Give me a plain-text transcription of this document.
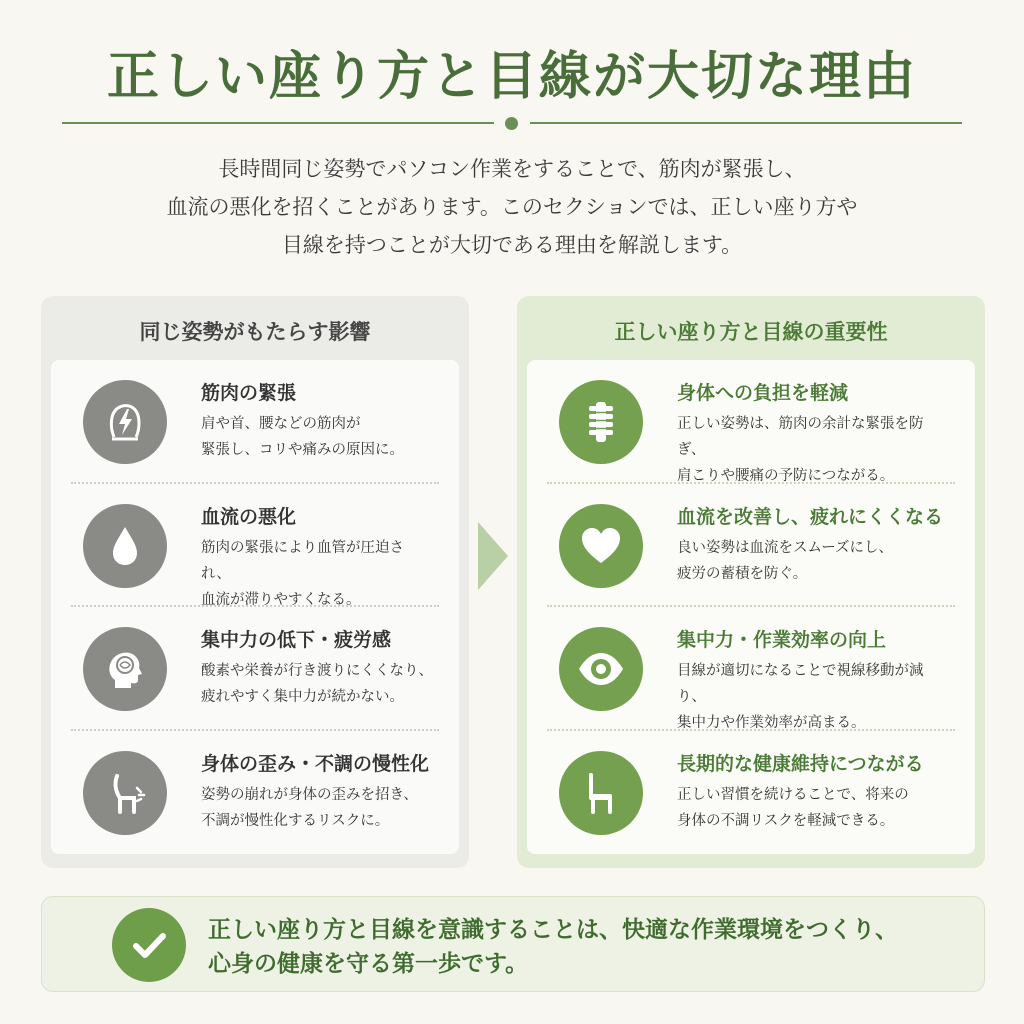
正しい座り方と目線が大切な理由
長時間同じ姿勢でパソコン作業をすることで、筋肉が緊張し、
血流の悪化を招くことがあります。このセクションでは、正しい座り方や
目線を持つことが大切である理由を解説します。
同じ姿勢がもたらす影響
筋肉の緊張
肩や首、腰などの筋肉が
緊張し、コリや痛みの原因に。
血流の悪化
筋肉の緊張により血管が圧迫され、
血流が滞りやすくなる。
集中力の低下・疲労感
酸素や栄養が行き渡りにくくなり、
疲れやすく集中力が続かない。
身体の歪み・不調の慢性化
姿勢の崩れが身体の歪みを招き、
不調が慢性化するリスクに。
正しい座り方と目線の重要性
身体への負担を軽減
正しい姿勢は、筋肉の余計な緊張を防ぎ、
肩こりや腰痛の予防につながる。
血流を改善し、疲れにくくなる
良い姿勢は血流をスムーズにし、
疲労の蓄積を防ぐ。
集中力・作業効率の向上
目線が適切になることで視線移動が減り、
集中力や作業効率が高まる。
長期的な健康維持につながる
正しい習慣を続けることで、将来の
身体の不調リスクを軽減できる。
正しい座り方と目線を意識することは、快適な作業環境をつくり、
心身の健康を守る第一歩です。
